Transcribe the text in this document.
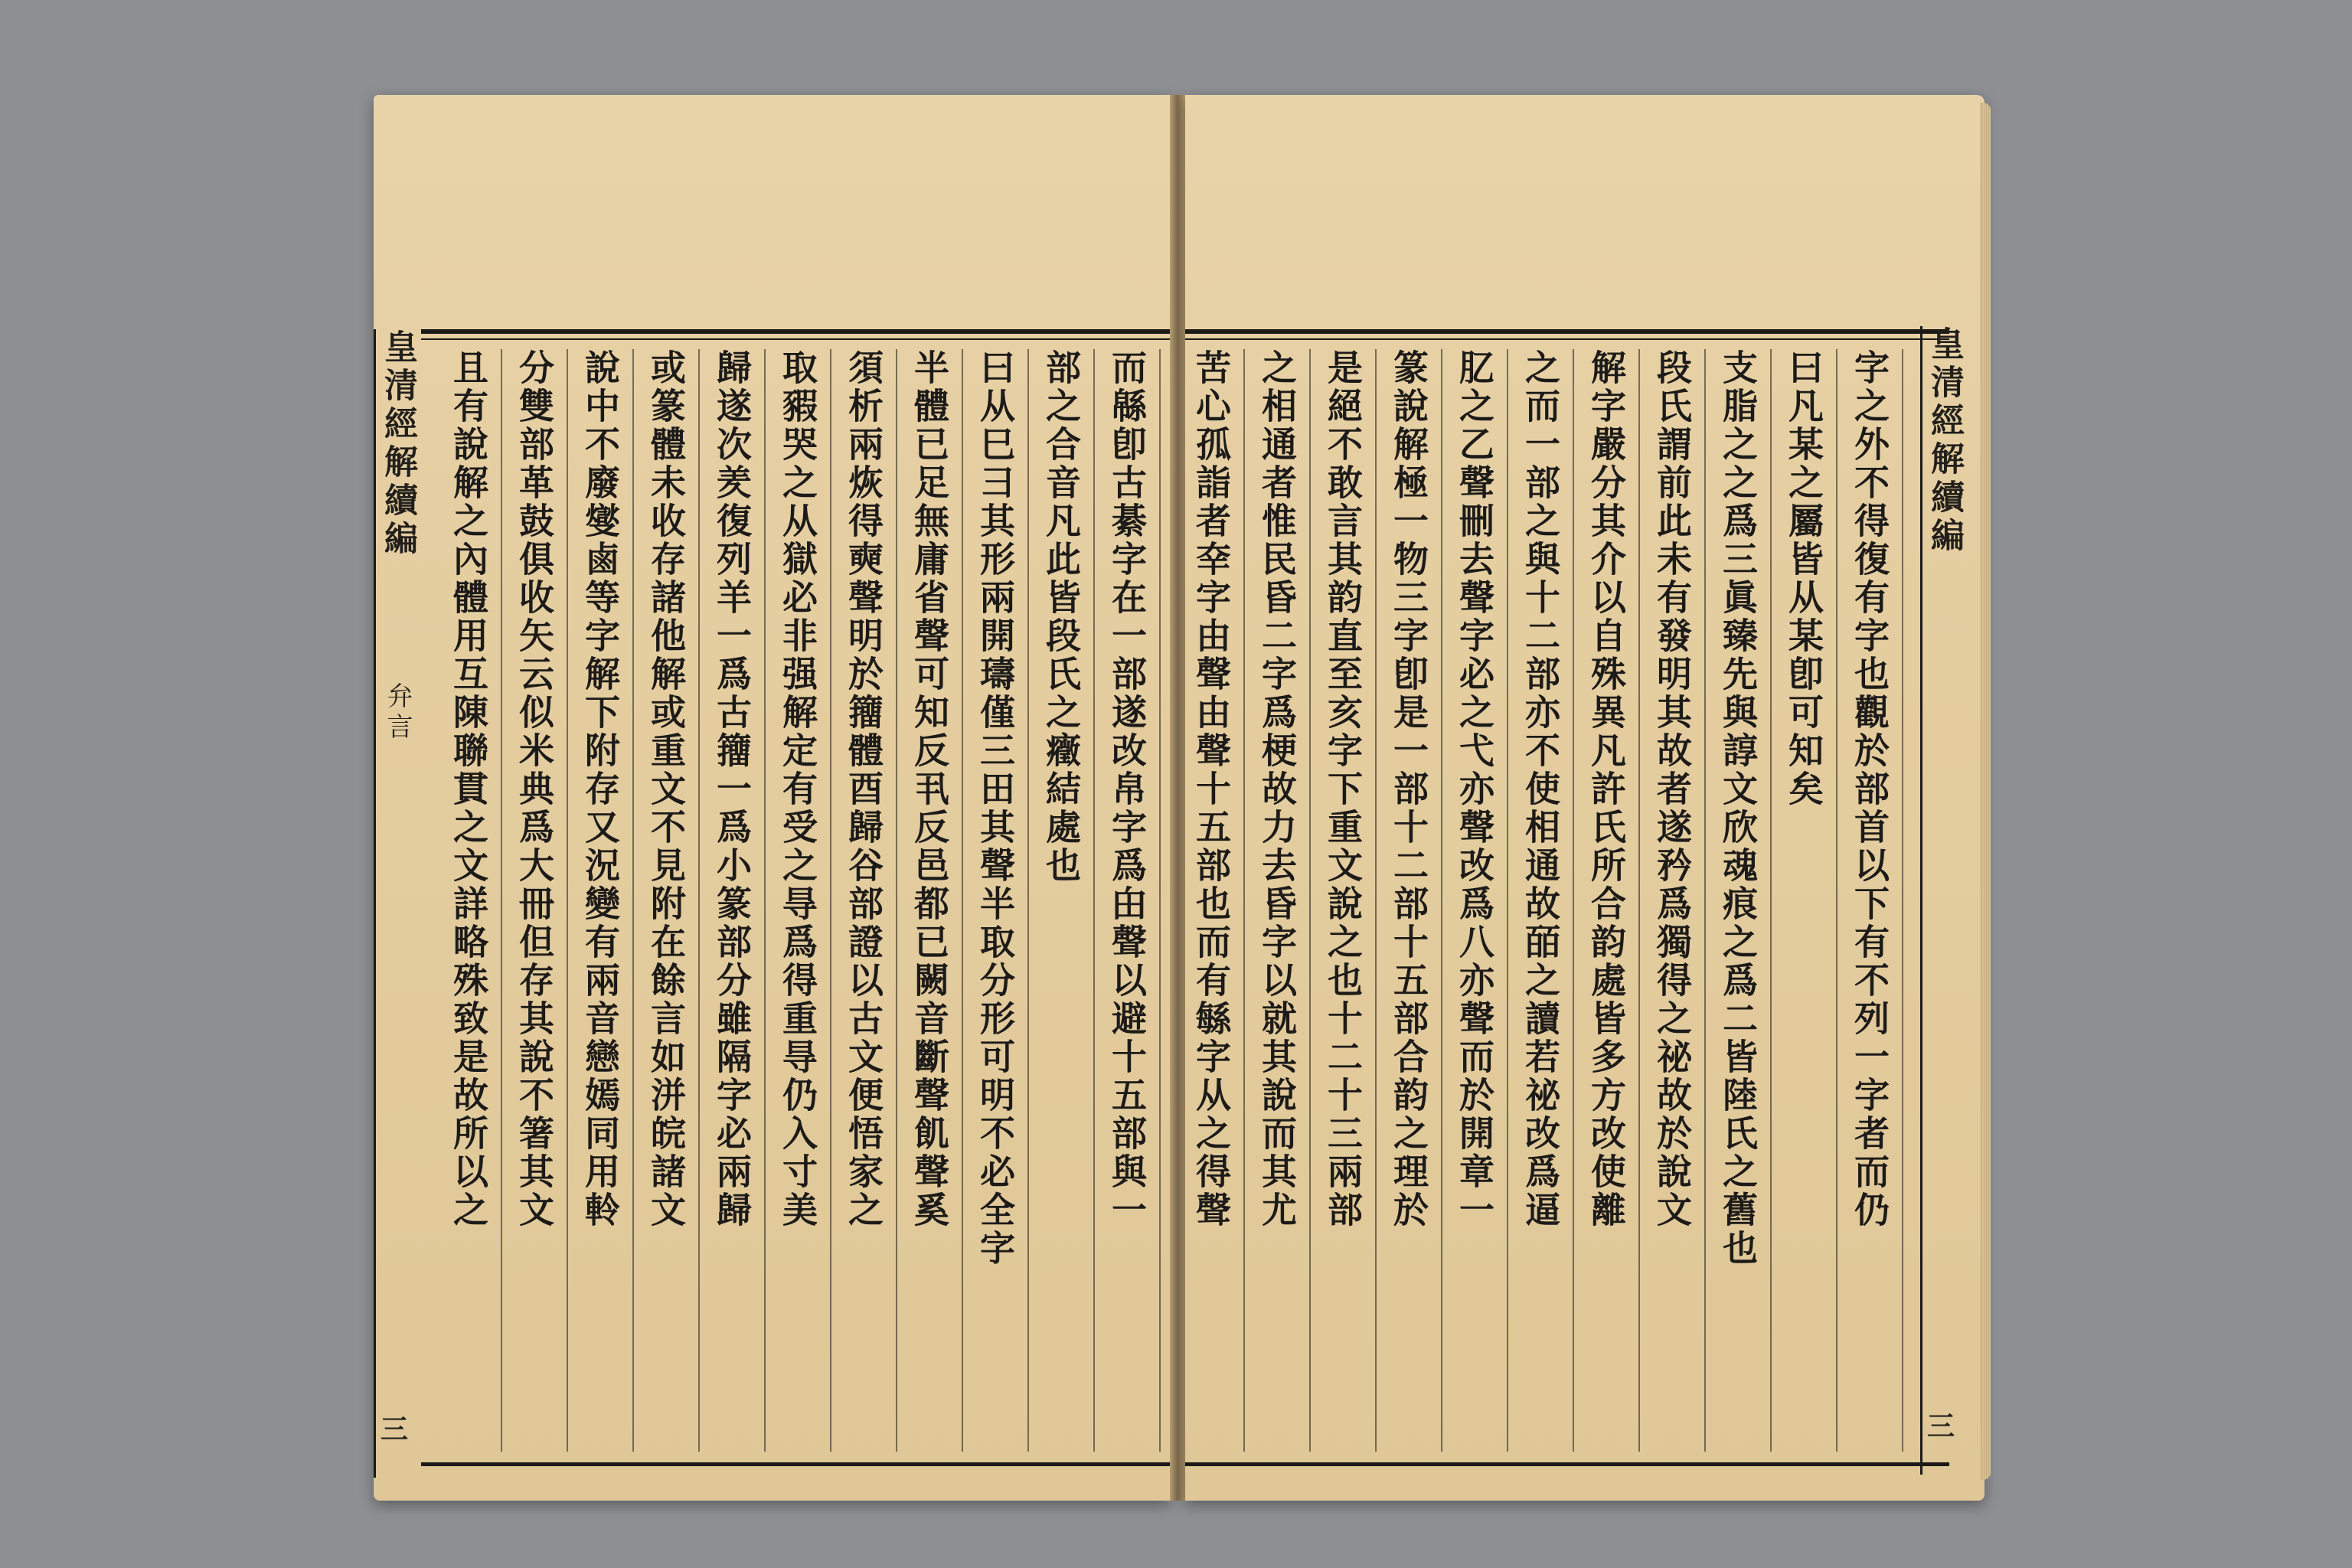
而緜卽古綦字在一部遂改帛字爲甶聲以避十五部與一
部之合音凡此皆段氏之癥結處也
曰从巳彐其形兩開璹僅三田其聲半取分形可明不必全字
半體已足無庸省聲可知反丮反邑都已闕音斷聲飢聲奚
須析兩烣得奭聲明於籒體酉歸谷部證以古文便悟家之
取豭哭之从獄必非强解定有受之㝵爲得重㝵仍入寸美
歸遂次羑復列羊一爲古籒一爲小篆部分雖隔字必兩歸
或篆體未收存諸他解或重文不見附在餘言如洴皖諸文
說中不廢燮鹵等字解下附存又況變有兩音戀嫣同用軨
分雙部革鼓俱收矢云似米典爲大冊但存其說不箸其文
且有說解之內體用互陳聯貫之文詳略殊致是故所以之
皇清經解續編 弁言
三
字之外不得復有字也觀於部首以下有不列一字者而仍
曰凡某之屬皆从某卽可知矣
支脂之之爲三眞臻先與諄文欣魂痕之爲二皆陸氏之舊也
段氏謂前此未有發明其故者遂矜爲獨得之祕故於說文
解字嚴分其介以自殊異凡許氏所合韵處皆多方改使離
之而一部之與十二部亦不使相通故皕之讀若祕改爲逼
肊之乙聲刪去聲字必之弋亦聲改爲八亦聲而於開章一
篆說解極一物三字卽是一部十二部十五部合韵之理於
是絕不敢言其韵直至亥字下重文說之也十二十三兩部
之相通者惟民昏二字爲梗故力去昏字以就其說而其尤
苦心孤詣者㚔字由聲由聲十五部也而有緐字从之得聲	皇清經解續編
三
